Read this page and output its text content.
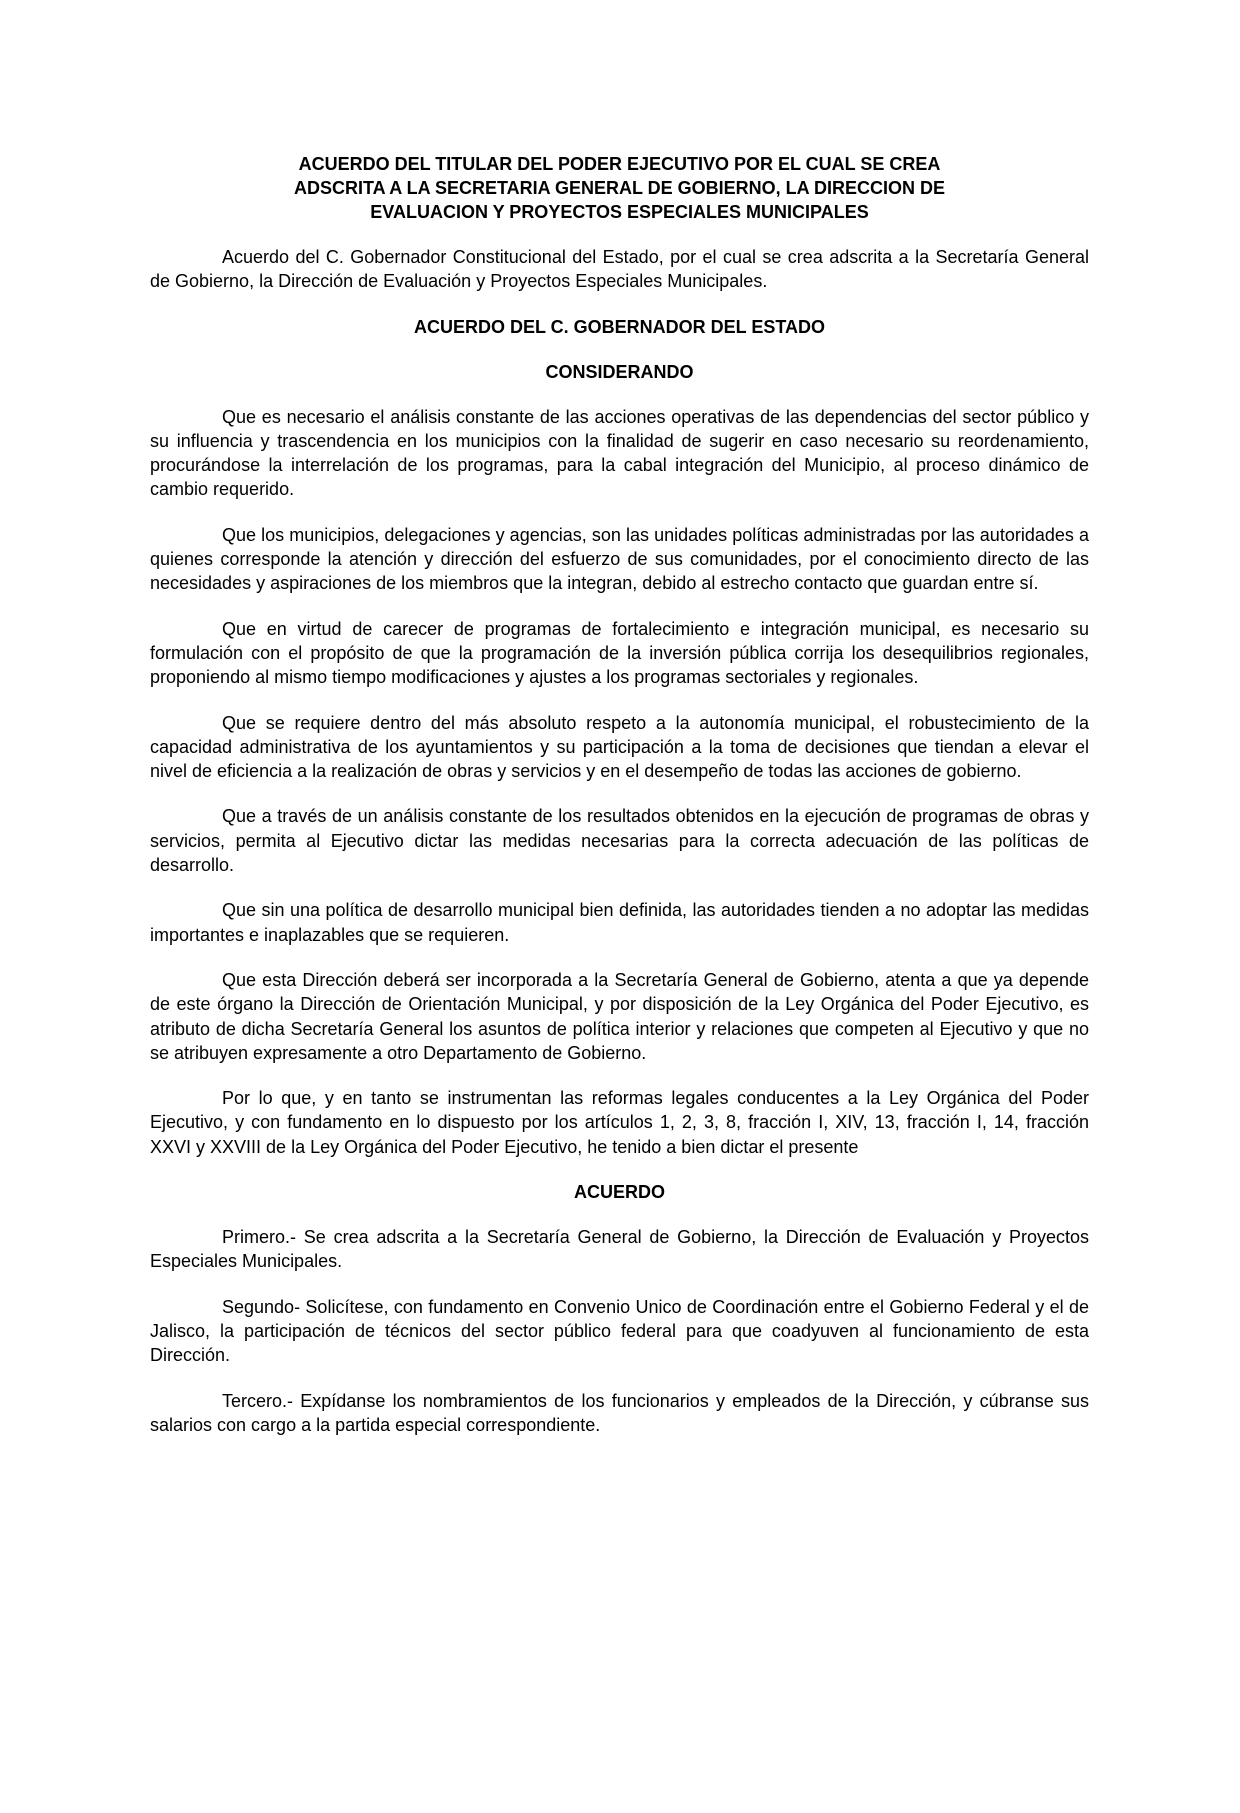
ACUERDO DEL TITULAR DEL PODER EJECUTIVO POR EL CUAL SE CREA
ADSCRITA A LA SECRETARIA GENERAL DE GOBIERNO, LA DIRECCION DE
EVALUACION Y PROYECTOS ESPECIALES MUNICIPALES

Acuerdo del C. Gobernador Constitucional del Estado, por el cual se crea adscrita a la Secretaría General de Gobierno, la Dirección de Evaluación y Proyectos Especiales Municipales.

ACUERDO DEL C. GOBERNADOR DEL ESTADO
CONSIDERANDO

Que es necesario el análisis constante de las acciones operativas de las dependencias del sector público y su influencia y trascendencia en los municipios con la finalidad de sugerir en caso necesario su reordenamiento, procurándose la interrelación de los programas, para la cabal integración del Municipio, al proceso dinámico de cambio requerido.

Que los municipios, delegaciones y agencias, son las unidades políticas administradas por las autoridades a quienes corresponde la atención y dirección del esfuerzo de sus comunidades, por el conocimiento directo de las necesidades y aspiraciones de los miembros que la integran, debido al estrecho contacto que guardan entre sí.

Que en virtud de carecer de programas de fortalecimiento e integración municipal, es necesario su formulación con el propósito de que la programación de la inversión pública corrija los desequilibrios regionales, proponiendo al mismo tiempo modificaciones y ajustes a los programas sectoriales y regionales.

Que se requiere dentro del más absoluto respeto a la autonomía municipal, el robustecimiento de la capacidad administrativa de los ayuntamientos y su participación a la toma de decisiones que tiendan a elevar el nivel de eficiencia a la realización de obras y servicios y en el desempeño de todas las acciones de gobierno.

Que a través de un análisis constante de los resultados obtenidos en la ejecución de programas de obras y servicios, permita al Ejecutivo dictar las medidas necesarias para la correcta adecuación de las políticas de desarrollo.

Que sin una política de desarrollo municipal bien definida, las autoridades tienden a no adoptar las medidas importantes e inaplazables que se requieren.

Que esta Dirección deberá ser incorporada a la Secretaría General de Gobierno, atenta a que ya depende de este órgano la Dirección de Orientación Municipal, y por disposición de la Ley Orgánica del Poder Ejecutivo, es atributo de dicha Secretaría General los asuntos de política interior y relaciones que competen al Ejecutivo y que no se atribuyen expresamente a otro Departamento de Gobierno.

Por lo que, y en tanto se instrumentan las reformas legales conducentes a la Ley Orgánica del Poder Ejecutivo, y con fundamento en lo dispuesto por los artículos 1, 2, 3, 8, fracción I, XIV, 13, fracción I, 14, fracción XXVI y XXVIII de la Ley Orgánica del Poder Ejecutivo, he tenido a bien dictar el presente

ACUERDO

Primero.- Se crea adscrita a la Secretaría General de Gobierno, la Dirección de Evaluación y Proyectos Especiales Municipales.

Segundo- Solicítese, con fundamento en Convenio Unico de Coordinación entre el Gobierno Federal y el de Jalisco, la participación de técnicos del sector público federal para que coadyuven al funcionamiento de esta Dirección.

Tercero.- Expídanse los nombramientos de los funcionarios y empleados de la Dirección, y cúbranse sus salarios con cargo a la partida especial correspondiente.
